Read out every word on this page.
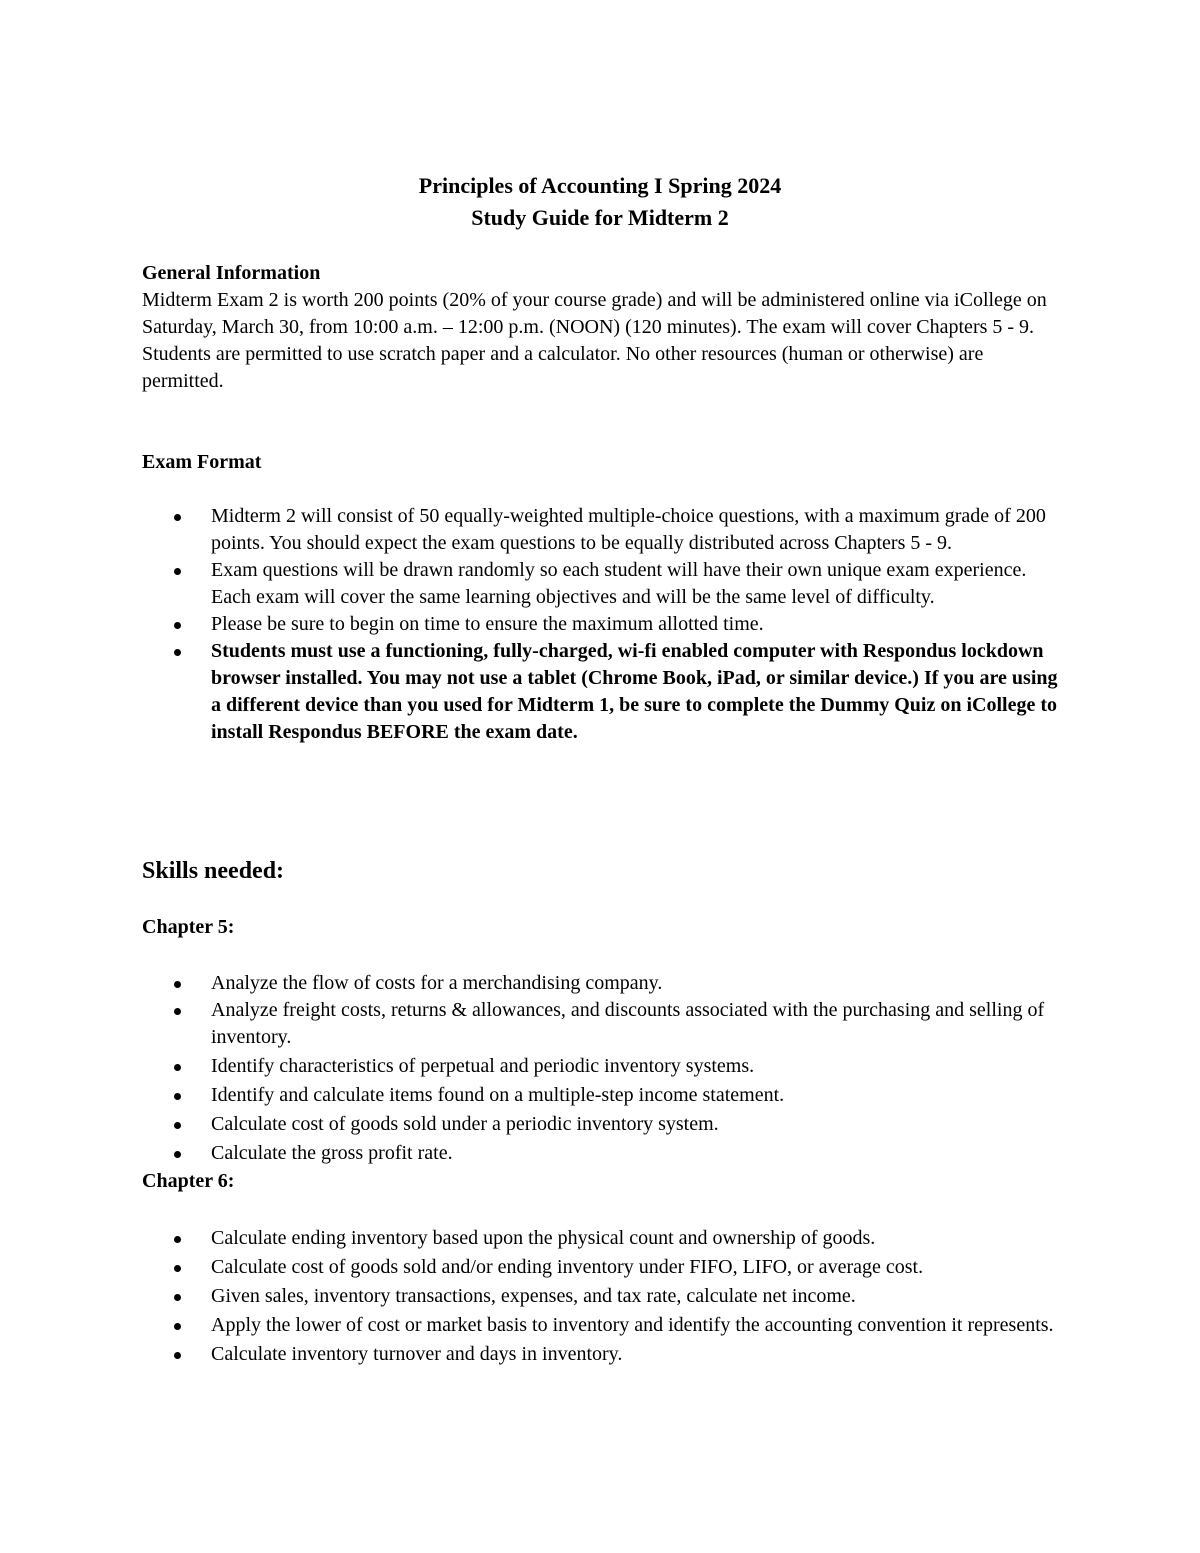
Principles of Accounting I Spring 2024
Study Guide for Midterm 2
General Information
Midterm Exam 2 is worth 200 points (20% of your course grade) and will be administered online via iCollege on Saturday, March 30, from 10:00 a.m. – 12:00 p.m. (NOON) (120 minutes). The exam will cover Chapters 5 - 9. Students are permitted to use scratch paper and a calculator. No other resources (human or otherwise) are permitted.
Exam Format
Midterm 2 will consist of 50 equally-weighted multiple-choice questions, with a maximum grade of 200 points. You should expect the exam questions to be equally distributed across Chapters 5 - 9.
Exam questions will be drawn randomly so each student will have their own unique exam experience. Each exam will cover the same learning objectives and will be the same level of difficulty.
Please be sure to begin on time to ensure the maximum allotted time.
Students must use a functioning, fully-charged, wi-fi enabled computer with Respondus lockdown browser installed. You may not use a tablet (Chrome Book, iPad, or similar device.) If you are using a different device than you used for Midterm 1, be sure to complete the Dummy Quiz on iCollege to install Respondus BEFORE the exam date.
Skills needed:
Chapter 5:
Analyze the flow of costs for a merchandising company.
Analyze freight costs, returns & allowances, and discounts associated with the purchasing and selling of inventory.
Identify characteristics of perpetual and periodic inventory systems.
Identify and calculate items found on a multiple-step income statement.
Calculate cost of goods sold under a periodic inventory system.
Calculate the gross profit rate.
Chapter 6:
Calculate ending inventory based upon the physical count and ownership of goods.
Calculate cost of goods sold and/or ending inventory under FIFO, LIFO, or average cost.
Given sales, inventory transactions, expenses, and tax rate, calculate net income.
Apply the lower of cost or market basis to inventory and identify the accounting convention it represents.
Calculate inventory turnover and days in inventory.
